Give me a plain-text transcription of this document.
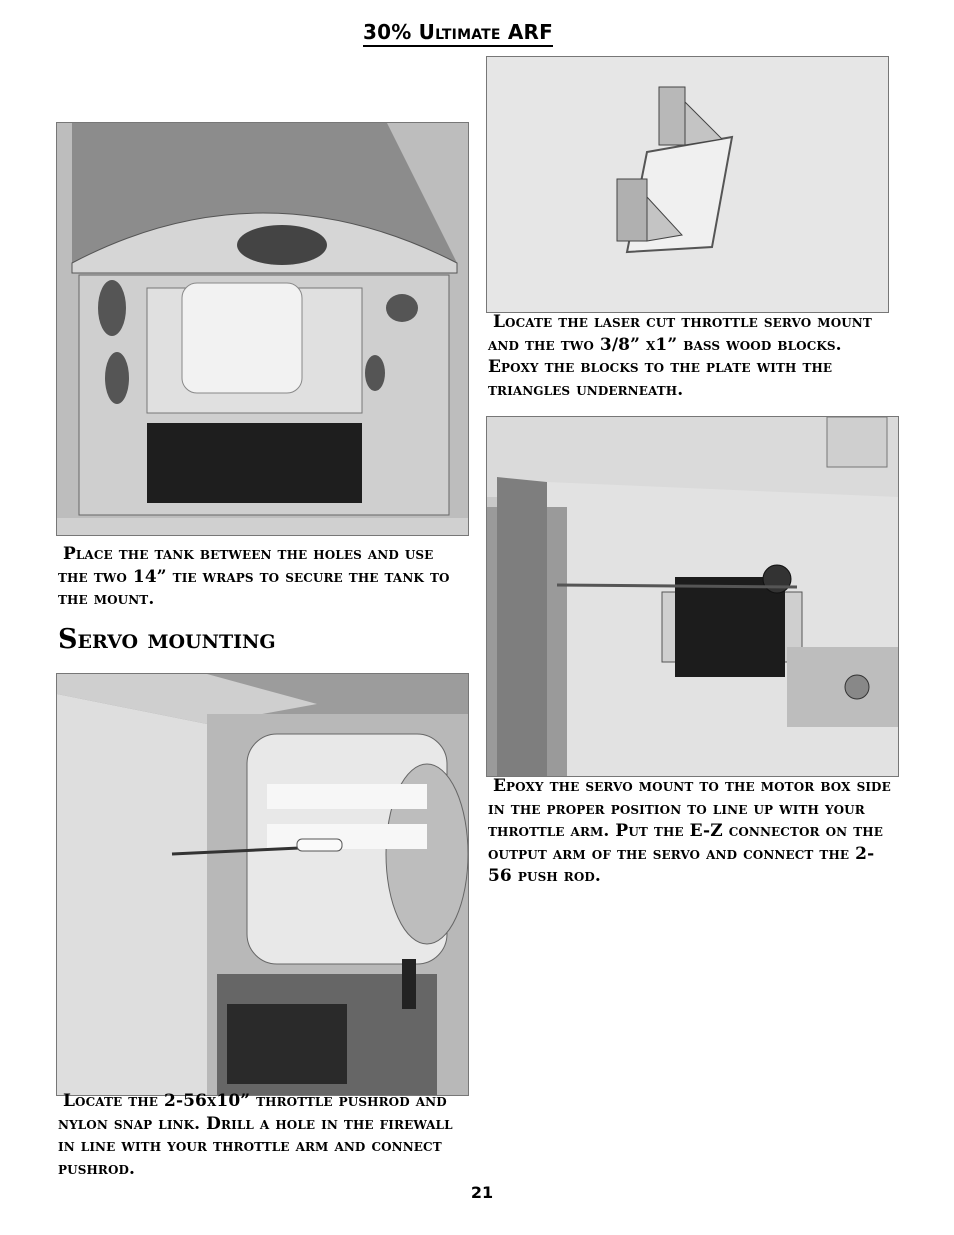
30% Ultimate ARF
Locate the laser cut throttle servo mount and the two 3/8” x1” bass wood blocks. Epoxy the blocks to the plate with the triangles underneath.
Place the tank between the holes and use the two 14” tie wraps to secure the tank to the mount.
Servo mounting
Epoxy the servo mount to the motor box side in the proper position to line up with your throttle arm. Put the E-Z connector on the output arm of the servo and connect the 2-56 push rod.
Locate the 2-56x10” throttle pushrod and nylon snap link. Drill a hole in the firewall in line with your throttle arm and connect pushrod.
21
